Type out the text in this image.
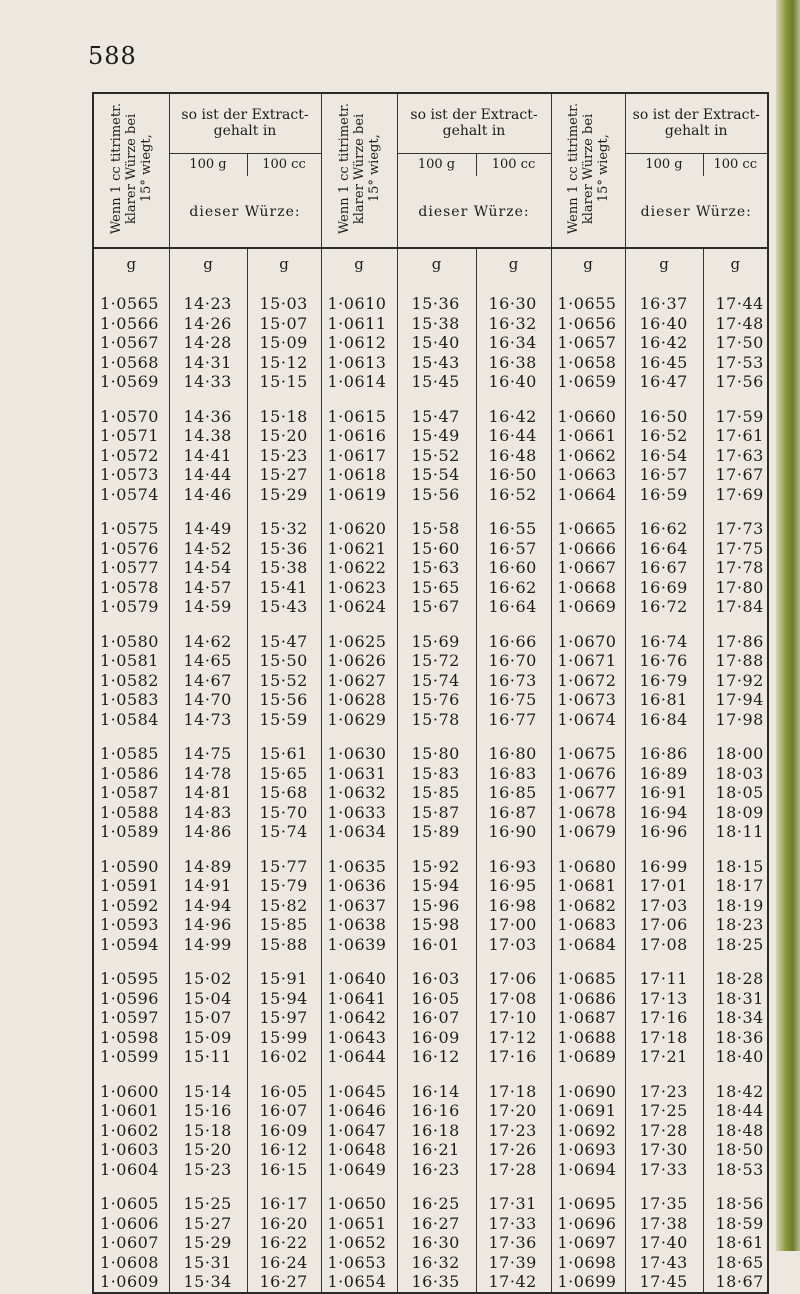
588
Wenn 1 cc titrimetr.
klarer Würze bei
15° wiegt,	so ist der Extract-
gehalt in		Wenn 1 cc titrimetr.
klarer Würze bei
15° wiegt,	so ist der Extract-
gehalt in		Wenn 1 cc titrimetr.
klarer Würze bei
15° wiegt,	so ist der Extract-
gehalt in	
	100 g	100 cc		100 g	100 cc		100 g	100 cc
	dieser Würze:			dieser Würze:			dieser Würze:	
g	g	g	g	g	g	g	g	g

1·0565	14·23	15·03	1·0610	15·36	16·30	1·0655	16·37	17·44
1·0566	14·26	15·07	1·0611	15·38	16·32	1·0656	16·40	17·48
1·0567	14·28	15·09	1·0612	15·40	16·34	1·0657	16·42	17·50
1·0568	14·31	15·12	1·0613	15·43	16·38	1·0658	16·45	17·53
1·0569	14·33	15·15	1·0614	15·45	16·40	1·0659	16·47	17·56

1·0570	14·36	15·18	1·0615	15·47	16·42	1·0660	16·50	17·59
1·0571	14.38	15·20	1·0616	15·49	16·44	1·0661	16·52	17·61
1·0572	14·41	15·23	1·0617	15·52	16·48	1·0662	16·54	17·63
1·0573	14·44	15·27	1·0618	15·54	16·50	1·0663	16·57	17·67
1·0574	14·46	15·29	1·0619	15·56	16·52	1·0664	16·59	17·69

1·0575	14·49	15·32	1·0620	15·58	16·55	1·0665	16·62	17·73
1·0576	14·52	15·36	1·0621	15·60	16·57	1·0666	16·64	17·75
1·0577	14·54	15·38	1·0622	15·63	16·60	1·0667	16·67	17·78
1·0578	14·57	15·41	1·0623	15·65	16·62	1·0668	16·69	17·80
1·0579	14·59	15·43	1·0624	15·67	16·64	1·0669	16·72	17·84

1·0580	14·62	15·47	1·0625	15·69	16·66	1·0670	16·74	17·86
1·0581	14·65	15·50	1·0626	15·72	16·70	1·0671	16·76	17·88
1·0582	14·67	15·52	1·0627	15·74	16·73	1·0672	16·79	17·92
1·0583	14·70	15·56	1·0628	15·76	16·75	1·0673	16·81	17·94
1·0584	14·73	15·59	1·0629	15·78	16·77	1·0674	16·84	17·98

1·0585	14·75	15·61	1·0630	15·80	16·80	1·0675	16·86	18·00
1·0586	14·78	15·65	1·0631	15·83	16·83	1·0676	16·89	18·03
1·0587	14·81	15·68	1·0632	15·85	16·85	1·0677	16·91	18·05
1·0588	14·83	15·70	1·0633	15·87	16·87	1·0678	16·94	18·09
1·0589	14·86	15·74	1·0634	15·89	16·90	1·0679	16·96	18·11

1·0590	14·89	15·77	1·0635	15·92	16·93	1·0680	16·99	18·15
1·0591	14·91	15·79	1·0636	15·94	16·95	1·0681	17·01	18·17
1·0592	14·94	15·82	1·0637	15·96	16·98	1·0682	17·03	18·19
1·0593	14·96	15·85	1·0638	15·98	17·00	1·0683	17·06	18·23
1·0594	14·99	15·88	1·0639	16·01	17·03	1·0684	17·08	18·25

1·0595	15·02	15·91	1·0640	16·03	17·06	1·0685	17·11	18·28
1·0596	15·04	15·94	1·0641	16·05	17·08	1·0686	17·13	18·31
1·0597	15·07	15·97	1·0642	16·07	17·10	1·0687	17·16	18·34
1·0598	15·09	15·99	1·0643	16·09	17·12	1·0688	17·18	18·36
1·0599	15·11	16·02	1·0644	16·12	17·16	1·0689	17·21	18·40

1·0600	15·14	16·05	1·0645	16·14	17·18	1·0690	17·23	18·42
1·0601	15·16	16·07	1·0646	16·16	17·20	1·0691	17·25	18·44
1·0602	15·18	16·09	1·0647	16·18	17·23	1·0692	17·28	18·48
1·0603	15·20	16·12	1·0648	16·21	17·26	1·0693	17·30	18·50
1·0604	15·23	16·15	1·0649	16·23	17·28	1·0694	17·33	18·53

1·0605	15·25	16·17	1·0650	16·25	17·31	1·0695	17·35	18·56
1·0606	15·27	16·20	1·0651	16·27	17·33	1·0696	17·38	18·59
1·0607	15·29	16·22	1·0652	16·30	17·36	1·0697	17·40	18·61
1·0608	15·31	16·24	1·0653	16·32	17·39	1·0698	17·43	18·65
1·0609	15·34	16·27	1·0654	16·35	17·42	1·0699	17·45	18·67
